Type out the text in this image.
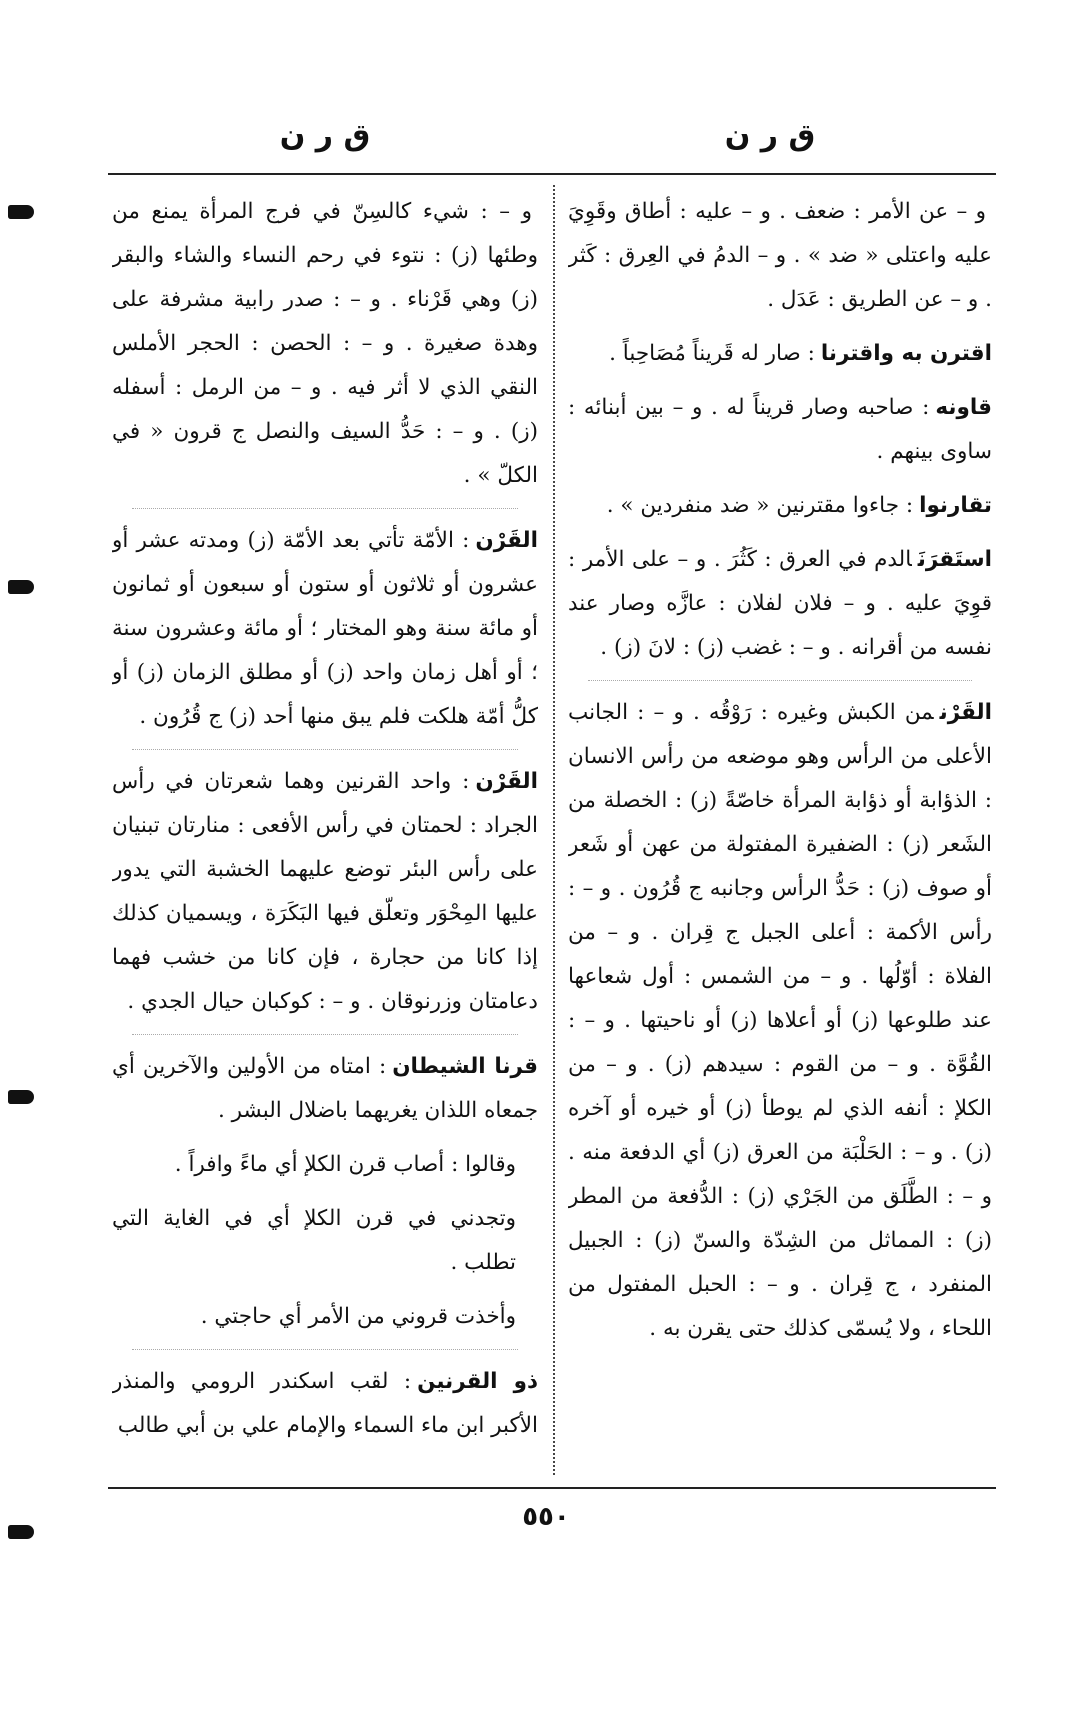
ق ر ن
ق ر ن
و – عن الأمر : ضعف . و – عليه : أطاق وقَوِيَ عليه واعتلى « ضد » . و – الدمُ في العِرق : كَثر . و – عن الطريق : عَدَل .
اقترن به واقترنا: صار له قَريناً مُصَاحِباً .
قاونه: صاحبه وصار قريناً له . و – بين أبنائه : ساوى بينهم .
تقارنوا: جاءوا مقترنين « ضد منفردين » .
استَقرَنَالدم في العرق : كَثُرَ . و – على الأمر : قوِيَ عليه . و – فلان لفلان : عازَّه وصار عند نفسه من أقرانه . و – : غضب (ز) : لانَ (ز) .
القَرْنمن الكبش وغيره : رَوْقُه . و – : الجانب الأعلى من الرأس وهو موضعه من رأس الانسان : الذؤابة أو ذؤابة المرأة خاصّةً (ز) : الخصلة من الشَعر (ز) : الضفيرة المفتولة من عهن أو شَعر أو صوف (ز) : حَدُّ الرأس وجانبه ج قُرُون . و – : رأس الأكمة : أعلى الجبل ج قِران . و – من الفلاة : أوّلُها . و – من الشمس : أول شعاعها عند طلوعها (ز) أو أعلاها (ز) أو ناحيتها . و – : القُوَّة . و – من القوم : سيدهم (ز) . و – من الكلإ : أنفه الذي لم يوطأ (ز) أو خيره أو آخره (ز) . و – : الحَلْبَة من العرق (ز) أي الدفعة منه . و – : الطَّلَق من الجَرْي (ز) : الدُّفعة من المطر (ز) : المماثل من الشِدّة والسنّ (ز) : الجبيل المنفرد ، ج قِران . و – : الحبل المفتول من اللحاء ، ولا يُسمّى كذلك حتى يقرن به .
و – : شيء كالسِنّ في فرج المرأة يمنع من وطئها (ز) : نتوء في رحم النساء والشاء والبقر (ز) وهي قَرْناء . و – : صدر رابية مشرفة على وهدة صغيرة . و – : الحصن : الحجر الأملس النقي الذي لا أثر فيه . و – من الرمل : أسفله (ز) . و – : حَدُّ السيف والنصل ج قرون « في الكلّ » .
القَرْن: الأمّة تأتي بعد الأمّة (ز) ومدته عشر أو عشرون أو ثلاثون أو ستون أو سبعون أو ثمانون أو مائة سنة وهو المختار ؛ أو مائة وعشرون سنة ؛ أو أهل زمان واحد (ز) أو مطلق الزمان (ز) أو كلُّ أمّة هلكت فلم يبق منها أحد (ز) ج قُرُون .
القَرْن: واحد القرنين وهما شعرتان في رأس الجراد : لحمتان في رأس الأفعى : منارتان تبنيان على رأس البئر توضع عليهما الخشبة التي يدور عليها المِحْوَر وتعلّق فيها البَكَرَة ، ويسميان كذلك إذا كانا من حجارة ، فإن كانا من خشب فهما دعامتان وزرنوقان . و – : كوكبان حيال الجدي .
قرنا الشيطان: امتاه من الأولين والآخرين أي جمعاه اللذان يغريهما باضلال البشر .
وقالوا : أصاب قرن الكلإ أي ماءً وافراً .
وتجدني في قرن الكلإ أي في الغاية التي تطلب .
وأخذت قروني من الأمر أي حاجتي .
ذو القرنين: لقب اسكندر الرومي والمنذر الأكبر ابن ماء السماء والإمام علي بن أبي طالب
٥٥٠
